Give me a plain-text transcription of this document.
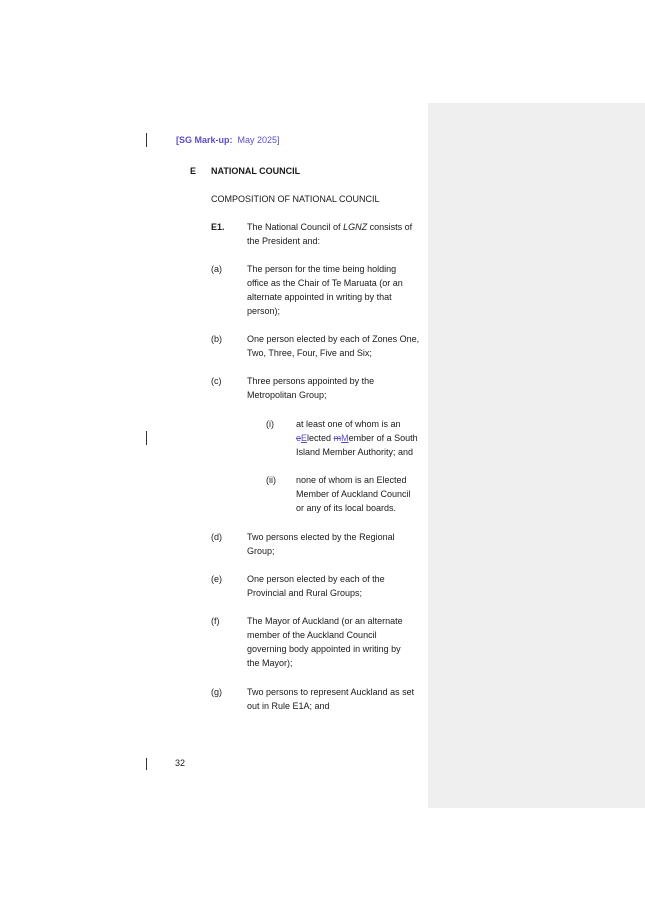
[SG Mark-up: May 2025]
E NATIONAL COUNCIL
COMPOSITION OF NATIONAL COUNCIL
E1. The National Council of LGNZ consists of
the President and:
(a)	The person for the time being holding
office as the Chair of Te Maruata (or an
alternate appointed in writing by that
person);
(b)	One person elected by each of Zones One,
Two, Three, Four, Five and Six;
(c)	Three persons appointed by the
Metropolitan Group;
(i) at least one of whom is an
eElected mMember of a South
Island Member Authority; and
(ii) none of whom is an Elected
Member of Auckland Council
or any of its local boards.
(d)	Two persons elected by the Regional
Group;
(e)	One person elected by each of the
Provincial and Rural Groups;
(f)	The Mayor of Auckland (or an alternate
member of the Auckland Council
governing body appointed in writing by
the Mayor);
(g)	Two persons to represent Auckland as set
out in Rule E1A; and
32
